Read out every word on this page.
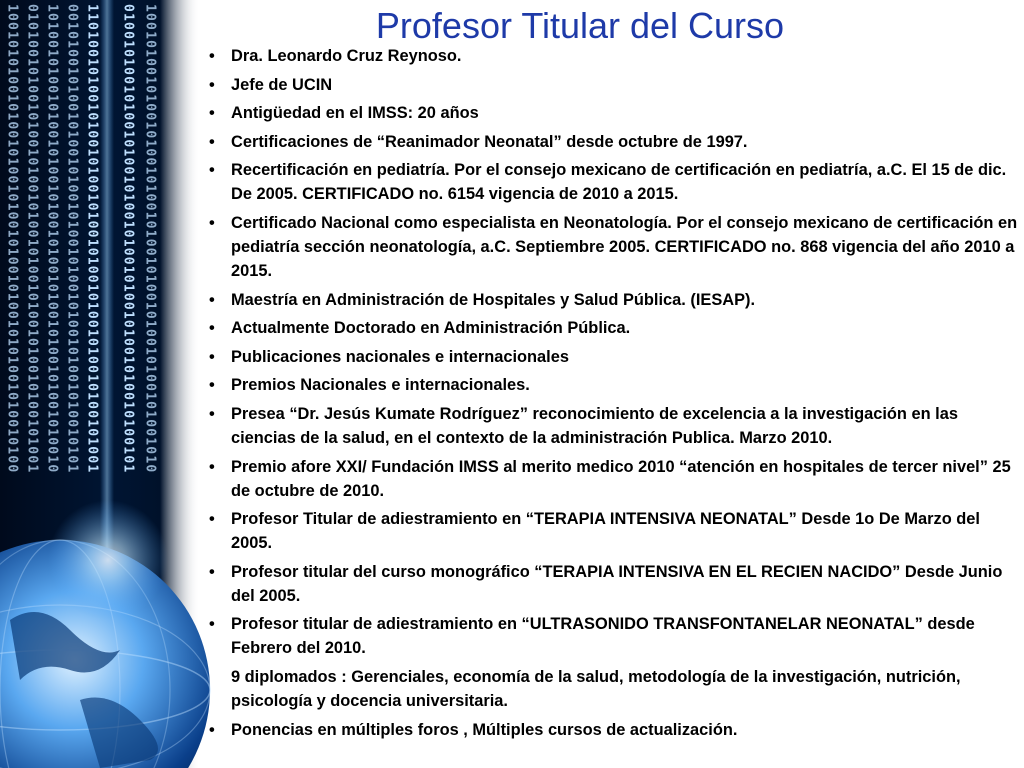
1001010100101001010010100101001010010101001010010100 0101001010010100101001010010100101001010010100101001 1010010100101001010010100101001010010100101001010010 0010100101001010010100101001010010100101001010010101 1101001010010100101001010010100101001010010100101001 0100101001010010100101001010010100101001010010100101 1001010010100101001010010100101001010010100101001010	Profesor Titular del Curso
• Dra. Leonardo Cruz Reynoso.
• Jefe de UCIN
• Antigüedad en el IMSS: 20 años
• Certificaciones de “Reanimador Neonatal” desde octubre de 1997.
• Recertificación en pediatría. Por el consejo mexicano de certificación en pediatría, a.C. El 15 de dic. De 2005. CERTIFICADO no. 6154 vigencia de 2010 a 2015.
• Certificado Nacional como especialista en Neonatología. Por el consejo mexicano de certificación en pediatría sección neonatología, a.C. Septiembre 2005. CERTIFICADO no. 868 vigencia del año 2010 a 2015.
• Maestría en Administración de Hospitales y Salud Pública. (IESAP).
• Actualmente Doctorado en Administración Pública.
• Publicaciones nacionales e internacionales
• Premios Nacionales e internacionales.
• Presea “Dr. Jesús Kumate Rodríguez” reconocimiento de excelencia a la investigación en las ciencias de la salud, en el contexto de la administración Publica. Marzo 2010.
• Premio afore XXI/ Fundación IMSS al merito medico 2010 “atención en hospitales de tercer nivel” 25 de octubre de 2010.
• Profesor Titular de adiestramiento en “TERAPIA INTENSIVA NEONATAL” Desde 1o De Marzo del 2005.
• Profesor titular del curso monográfico “TERAPIA INTENSIVA EN EL RECIEN NACIDO” Desde Junio del 2005.
• Profesor titular de adiestramiento en “ULTRASONIDO TRANSFONTANELAR NEONATAL” desde Febrero del 2010.
9 diplomados : Gerenciales, economía de la salud, metodología de la investigación, nutrición, psicología y docencia universitaria.
• Ponencias en múltiples foros , Múltiples cursos de actualización.
